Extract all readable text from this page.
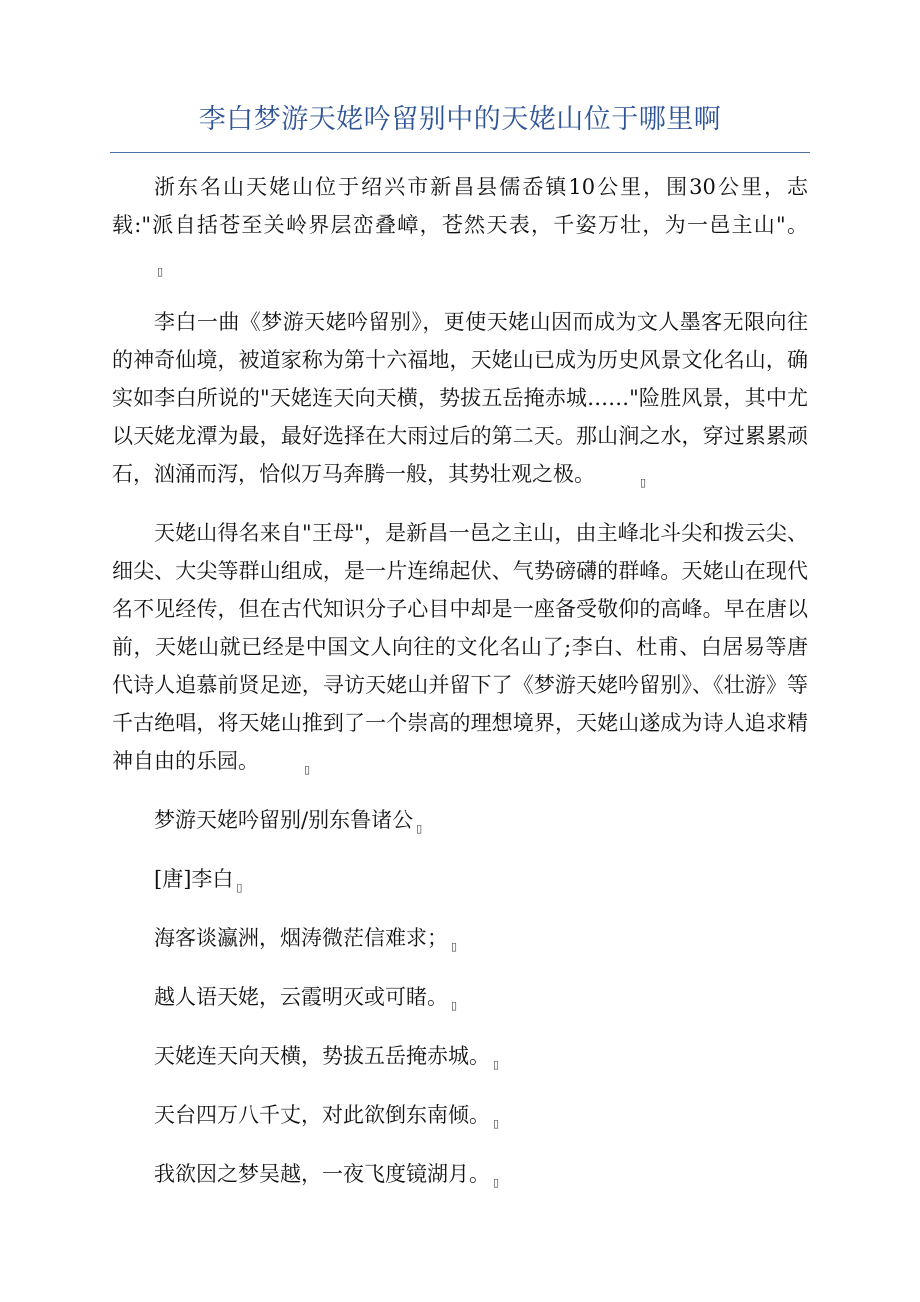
李白梦游天姥吟留别中的天姥山位于哪里啊

浙东名山天姥山位于绍兴市新昌县儒岙镇10公里，围30公里，志载:"派自括苍至关岭界层峦叠嶂，苍然天表，千姿万壮，为一邑主山"。▯

李白一曲《梦游天姥吟留别》，更使天姥山因而成为文人墨客无限向往的神奇仙境，被道家称为第十六福地，天姥山已成为历史风景文化名山，确实如李白所说的"天姥连天向天横，势拔五岳掩赤城……"险胜风景，其中尤以天姥龙潭为最，最好选择在大雨过后的第二天。那山涧之水，穿过累累顽石，汹涌而泻，恰似万马奔腾一般，其势壮观之极。	▯

天姥山得名来自"王母"，是新昌一邑之主山，由主峰北斗尖和拨云尖、细尖、大尖等群山组成，是一片连绵起伏、气势磅礴的群峰。天姥山在现代名不见经传，但在古代知识分子心目中却是一座备受敬仰的高峰。早在唐以前，天姥山就已经是中国文人向往的文化名山了;李白、杜甫、白居易等唐代诗人追慕前贤足迹，寻访天姥山并留下了《梦游天姥吟留别》、《壮游》等千古绝唱，将天姥山推到了一个崇高的理想境界，天姥山遂成为诗人追求精神自由的乐园。	▯

梦游天姥吟留别/别东鲁诸公 ▯

[唐]李白 ▯

海客谈瀛洲，烟涛微茫信难求； ▯

越人语天姥，云霞明灭或可睹。 ▯

天姥连天向天横，势拔五岳掩赤城。 ▯

天台四万八千丈，对此欲倒东南倾。 ▯

我欲因之梦吴越，一夜飞度镜湖月。 ▯
